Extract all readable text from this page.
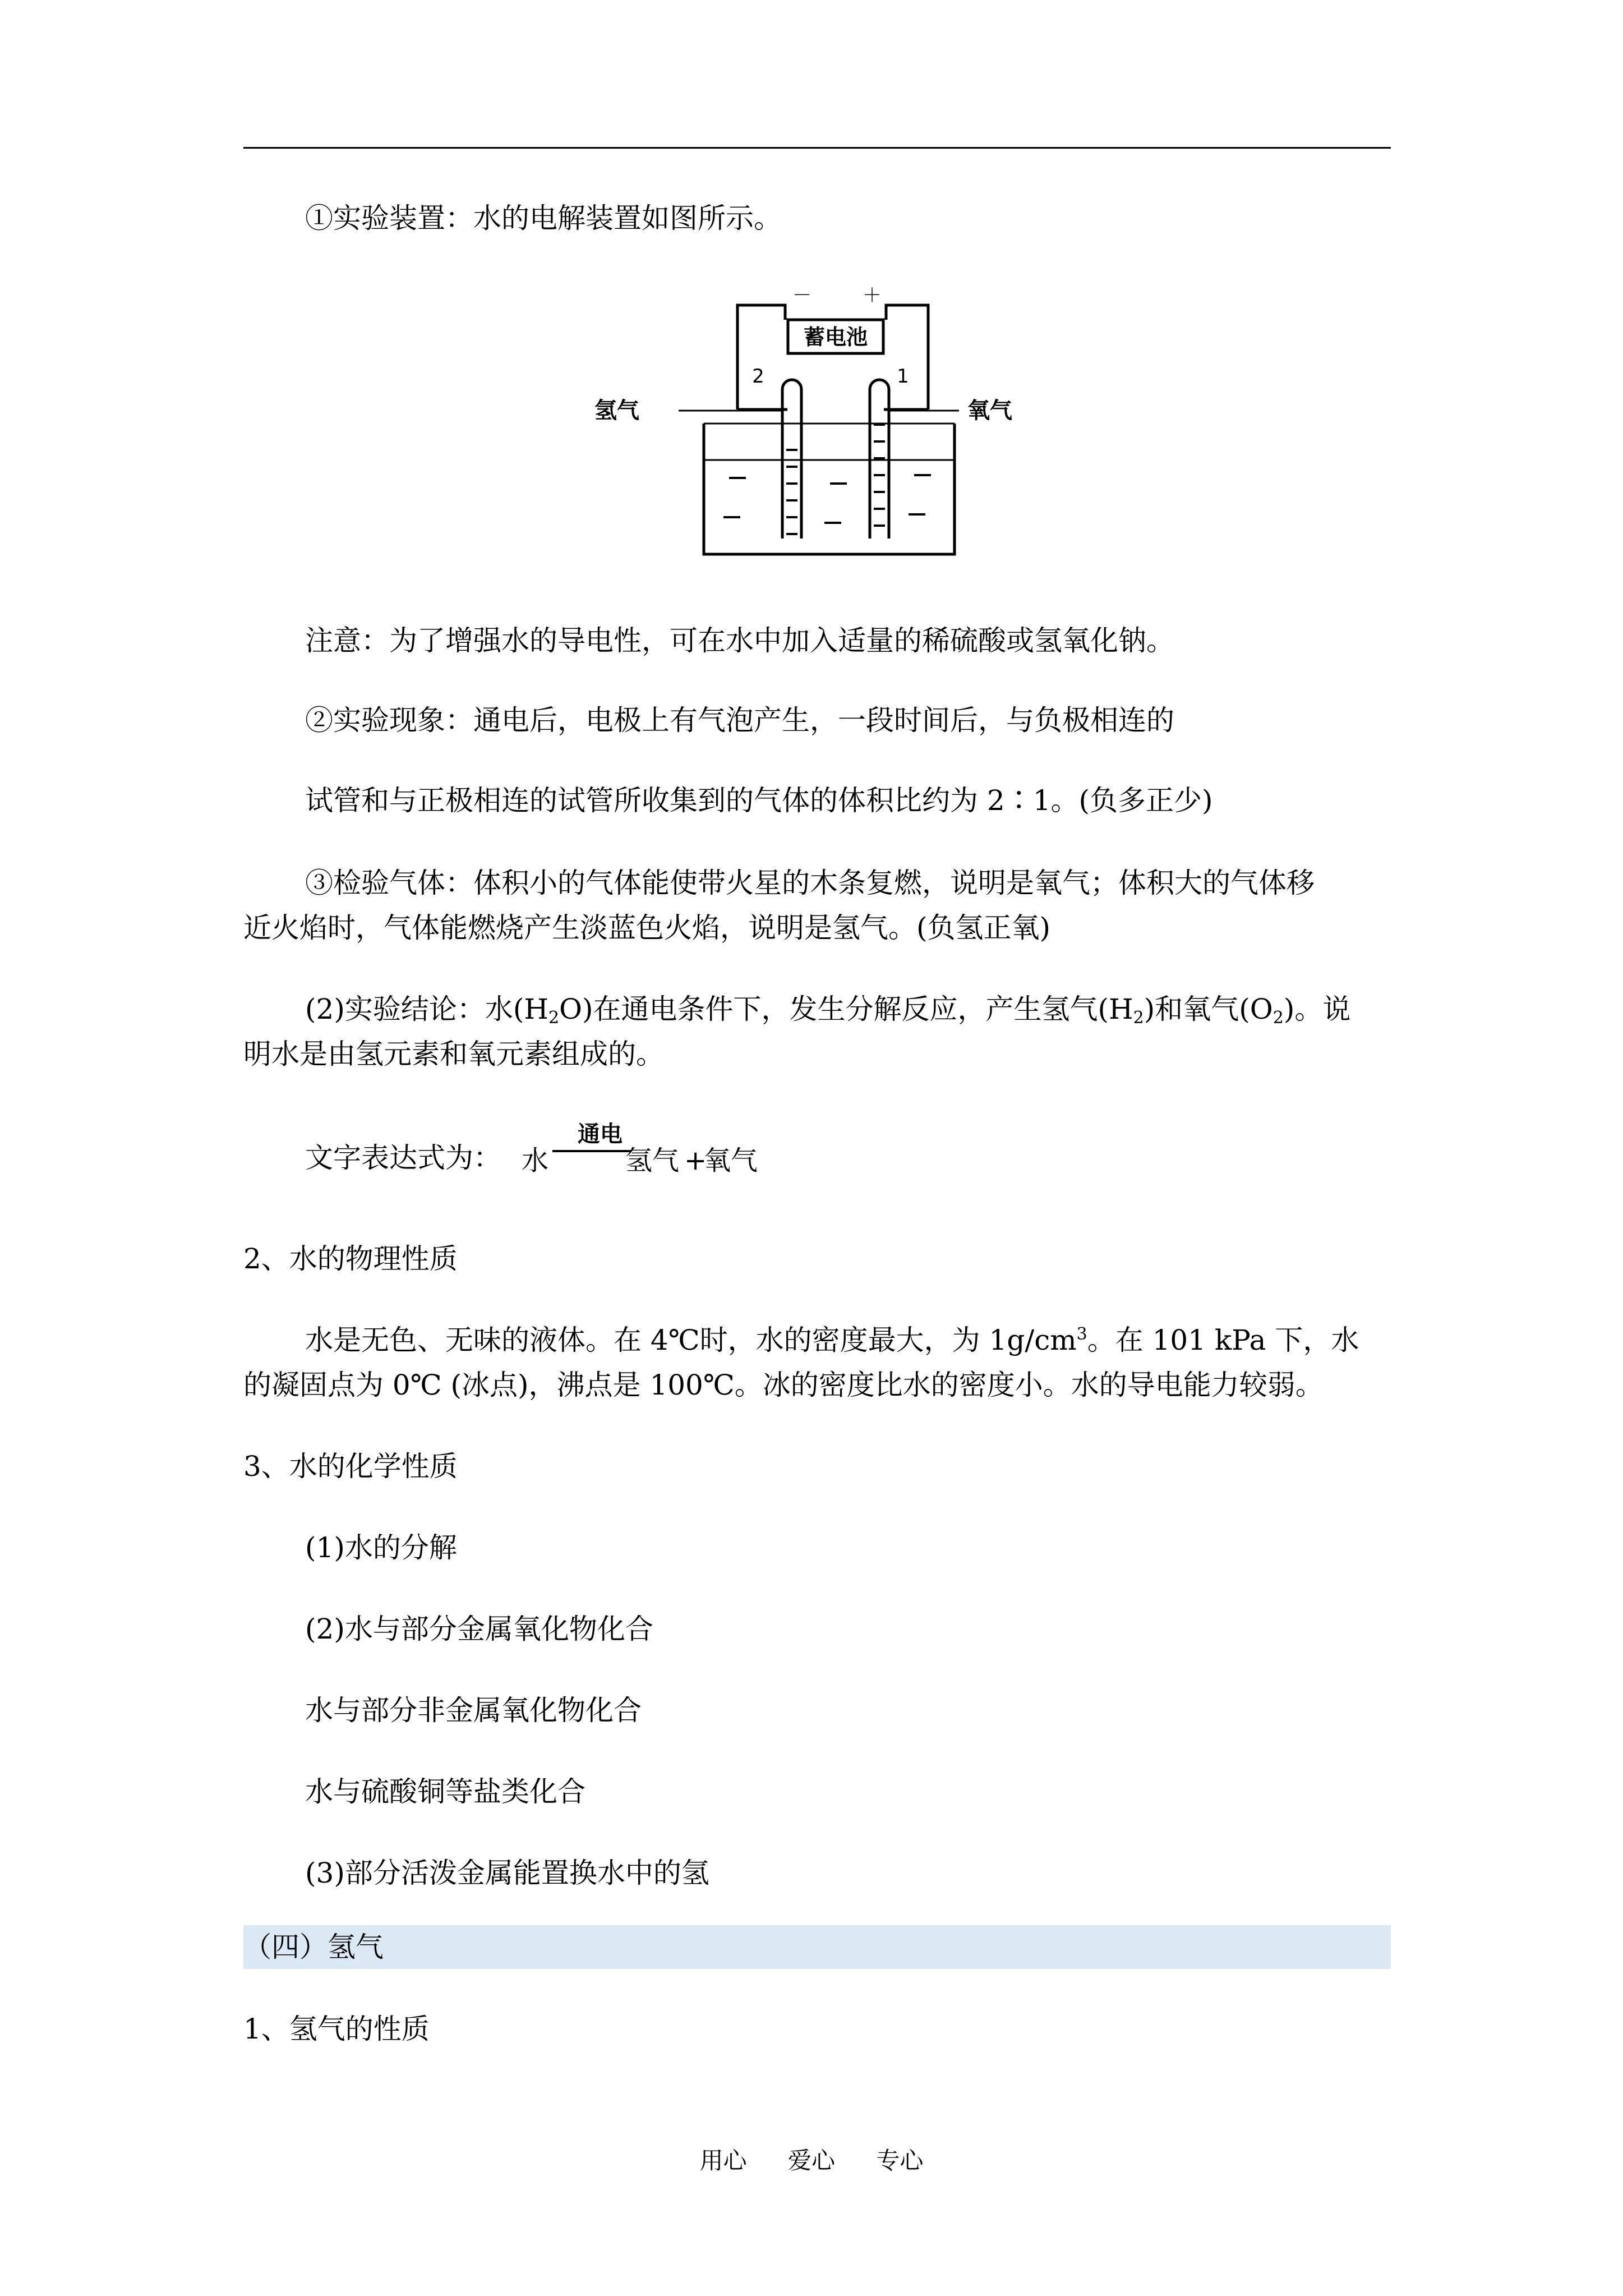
①实验装置：水的电解装置如图所示。
－	＋
蓄电池
2	1
氢气	氧气
注意：为了增强水的导电性，可在水中加入适量的稀硫酸或氢氧化钠。
②实验现象：通电后，电极上有气泡产生，一段时间后，与负极相连的
试管和与正极相连的试管所收集到的气体的体积比约为 2∶1。(负多正少)
③检验气体：体积小的气体能使带火星的木条复燃，说明是氧气；体积大的气体移
近火焰时，气体能燃烧产生淡蓝色火焰，说明是氢气。(负氢正氧)
(2)实验结论：水$(H_2O)$在通电条件下，发生分解反应，产生氢气$(H_2)$和氧气$(O_2)$。说
明水是由氢元素和氧元素组成的。
文字表达式为： 水
通电
氢气 +
氧气
2、水的物理性质
水是无色、无味的液体。在 4℃时，水的密度最大，为 $1g/cm^3$。在 101 kPa 下，水
的凝固点为 0℃ (冰点)，沸点是 100℃。冰的密度比水的密度小。水的导电能力较弱。
3、水的化学性质
(1)水的分解
(2)水与部分金属氧化物化合
水与部分非金属氧化物化合
水与硫酸铜等盐类化合
(3)部分活泼金属能置换水中的氢
（四）氢气
1、氢气的性质
用心 爱心 专心
